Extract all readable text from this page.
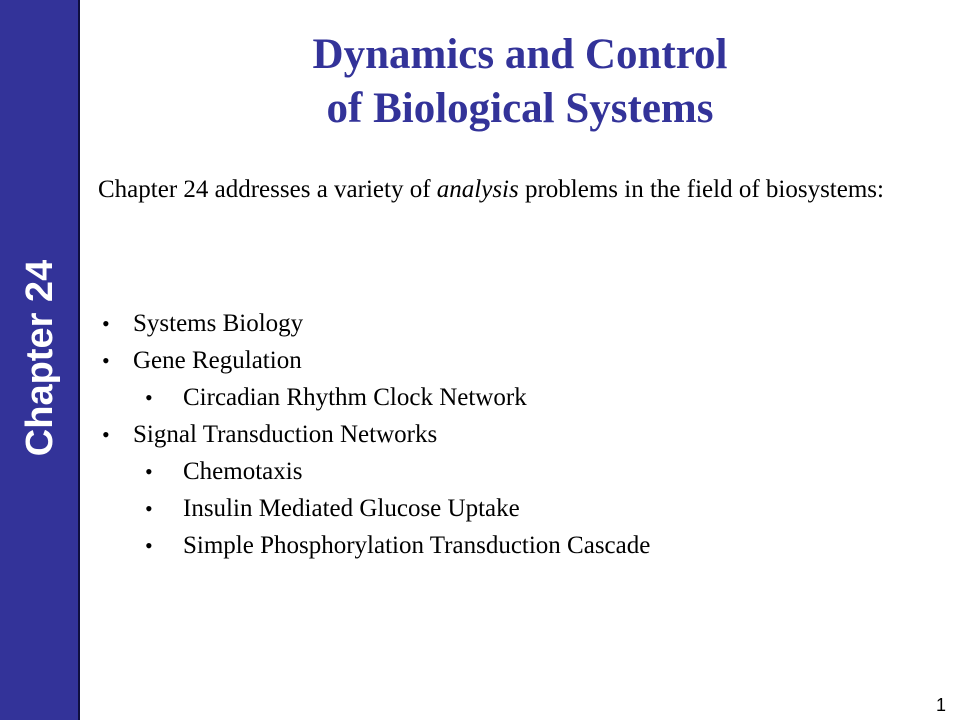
Chapter 24
Dynamics and Control
of Biological Systems

Chapter 24 addresses a variety of analysis problems in the field of biosystems:

• Systems Biology
• Gene Regulation
• Circadian Rhythm Clock Network
• Signal Transduction Networks
• Chemotaxis
• Insulin Mediated Glucose Uptake
• Simple Phosphorylation Transduction Cascade
1
